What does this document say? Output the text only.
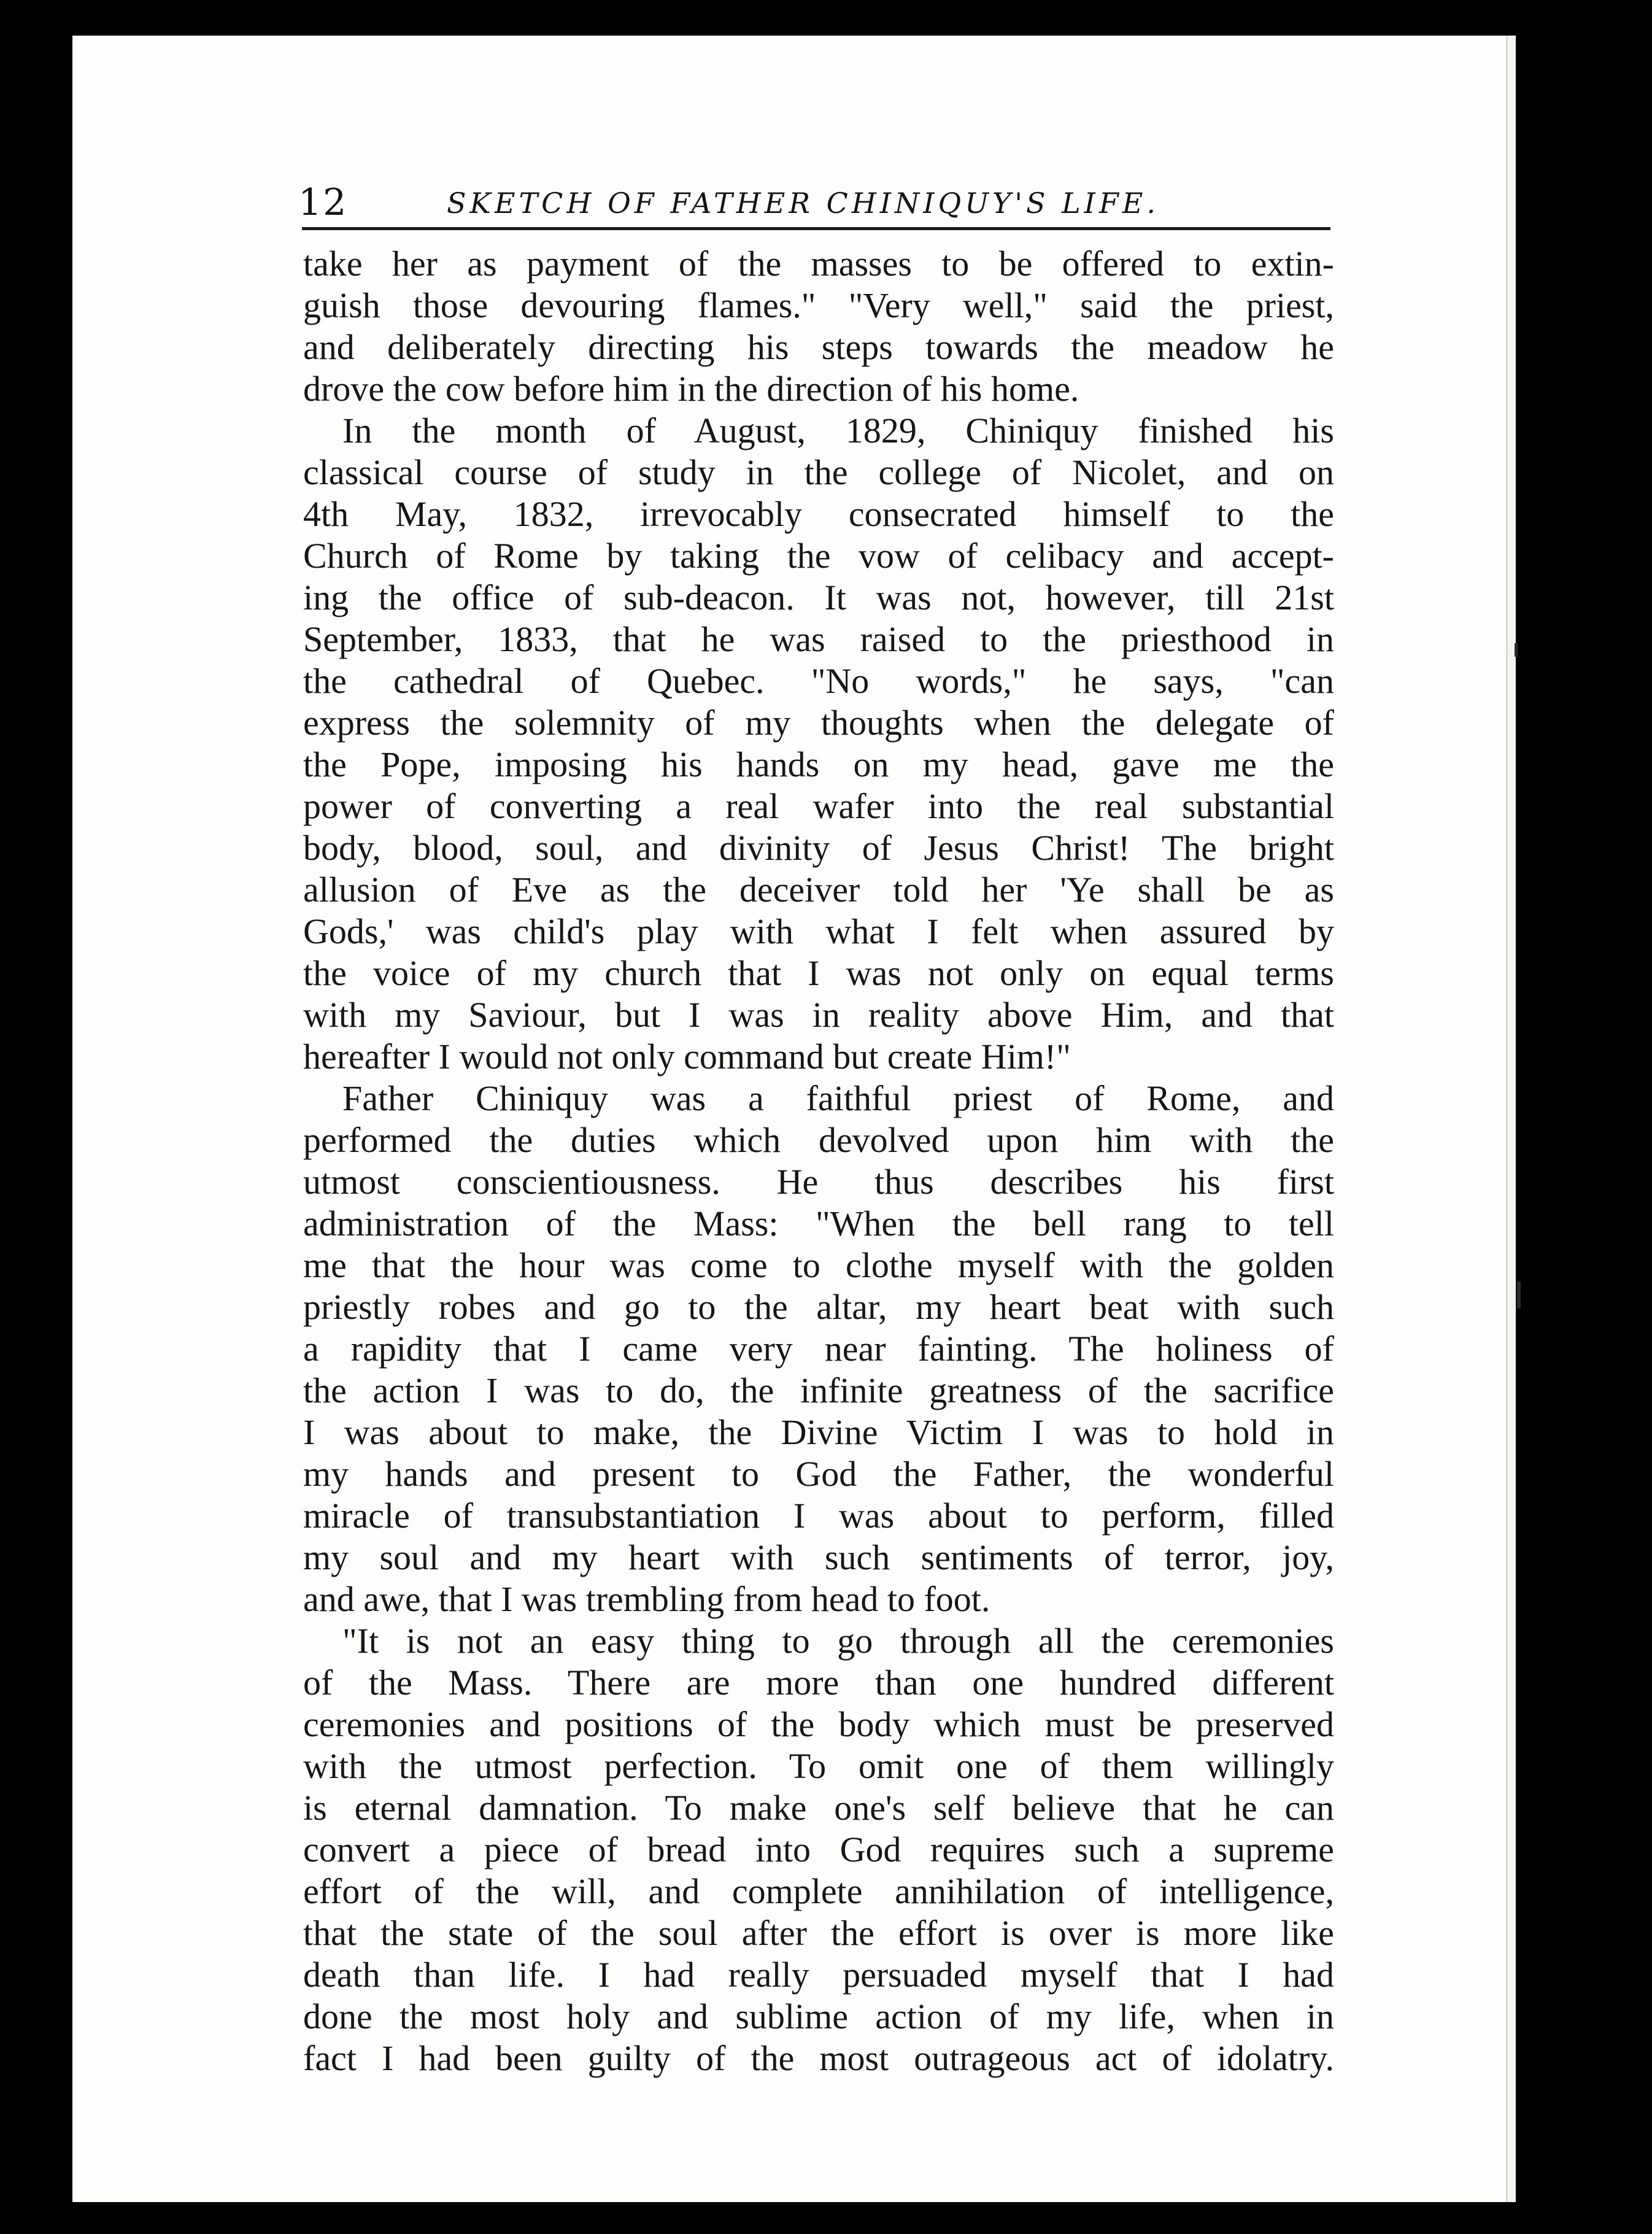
12	SKETCH OF FATHER CHINIQUY'S LIFE.
take her as payment of the masses to be offered to extin-
guish those devouring flames." "Very well," said the priest,
and deliberately directing his steps towards the meadow he
drove the cow before him in the direction of his home.
In the month of August, 1829, Chiniquy finished his
classical course of study in the college of Nicolet, and on
4th May, 1832, irrevocably consecrated himself to the
Church of Rome by taking the vow of celibacy and accept-
ing the office of sub-deacon. It was not, however, till 21st
September, 1833, that he was raised to the priesthood in
the cathedral of Quebec. "No words," he says, "can
express the solemnity of my thoughts when the delegate of
the Pope, imposing his hands on my head, gave me the
power of converting a real wafer into the real substantial
body, blood, soul, and divinity of Jesus Christ! The bright
allusion of Eve as the deceiver told her 'Ye shall be as
Gods,' was child's play with what I felt when assured by
the voice of my church that I was not only on equal terms
with my Saviour, but I was in reality above Him, and that
hereafter I would not only command but create Him!"
Father Chiniquy was a faithful priest of Rome, and
performed the duties which devolved upon him with the
utmost conscientiousness. He thus describes his first
administration of the Mass: "When the bell rang to tell
me that the hour was come to clothe myself with the golden
priestly robes and go to the altar, my heart beat with such
a rapidity that I came very near fainting. The holiness of
the action I was to do, the infinite greatness of the sacrifice
I was about to make, the Divine Victim I was to hold in
my hands and present to God the Father, the wonderful
miracle of transubstantiation I was about to perform, filled
my soul and my heart with such sentiments of terror, joy,
and awe, that I was trembling from head to foot.
"It is not an easy thing to go through all the ceremonies
of the Mass. There are more than one hundred different
ceremonies and positions of the body which must be preserved
with the utmost perfection. To omit one of them willingly
is eternal damnation. To make one's self believe that he can
convert a piece of bread into God requires such a supreme
effort of the will, and complete annihilation of intelligence,
that the state of the soul after the effort is over is more like
death than life. I had really persuaded myself that I had
done the most holy and sublime action of my life, when in
fact I had been guilty of the most outrageous act of idolatry.
